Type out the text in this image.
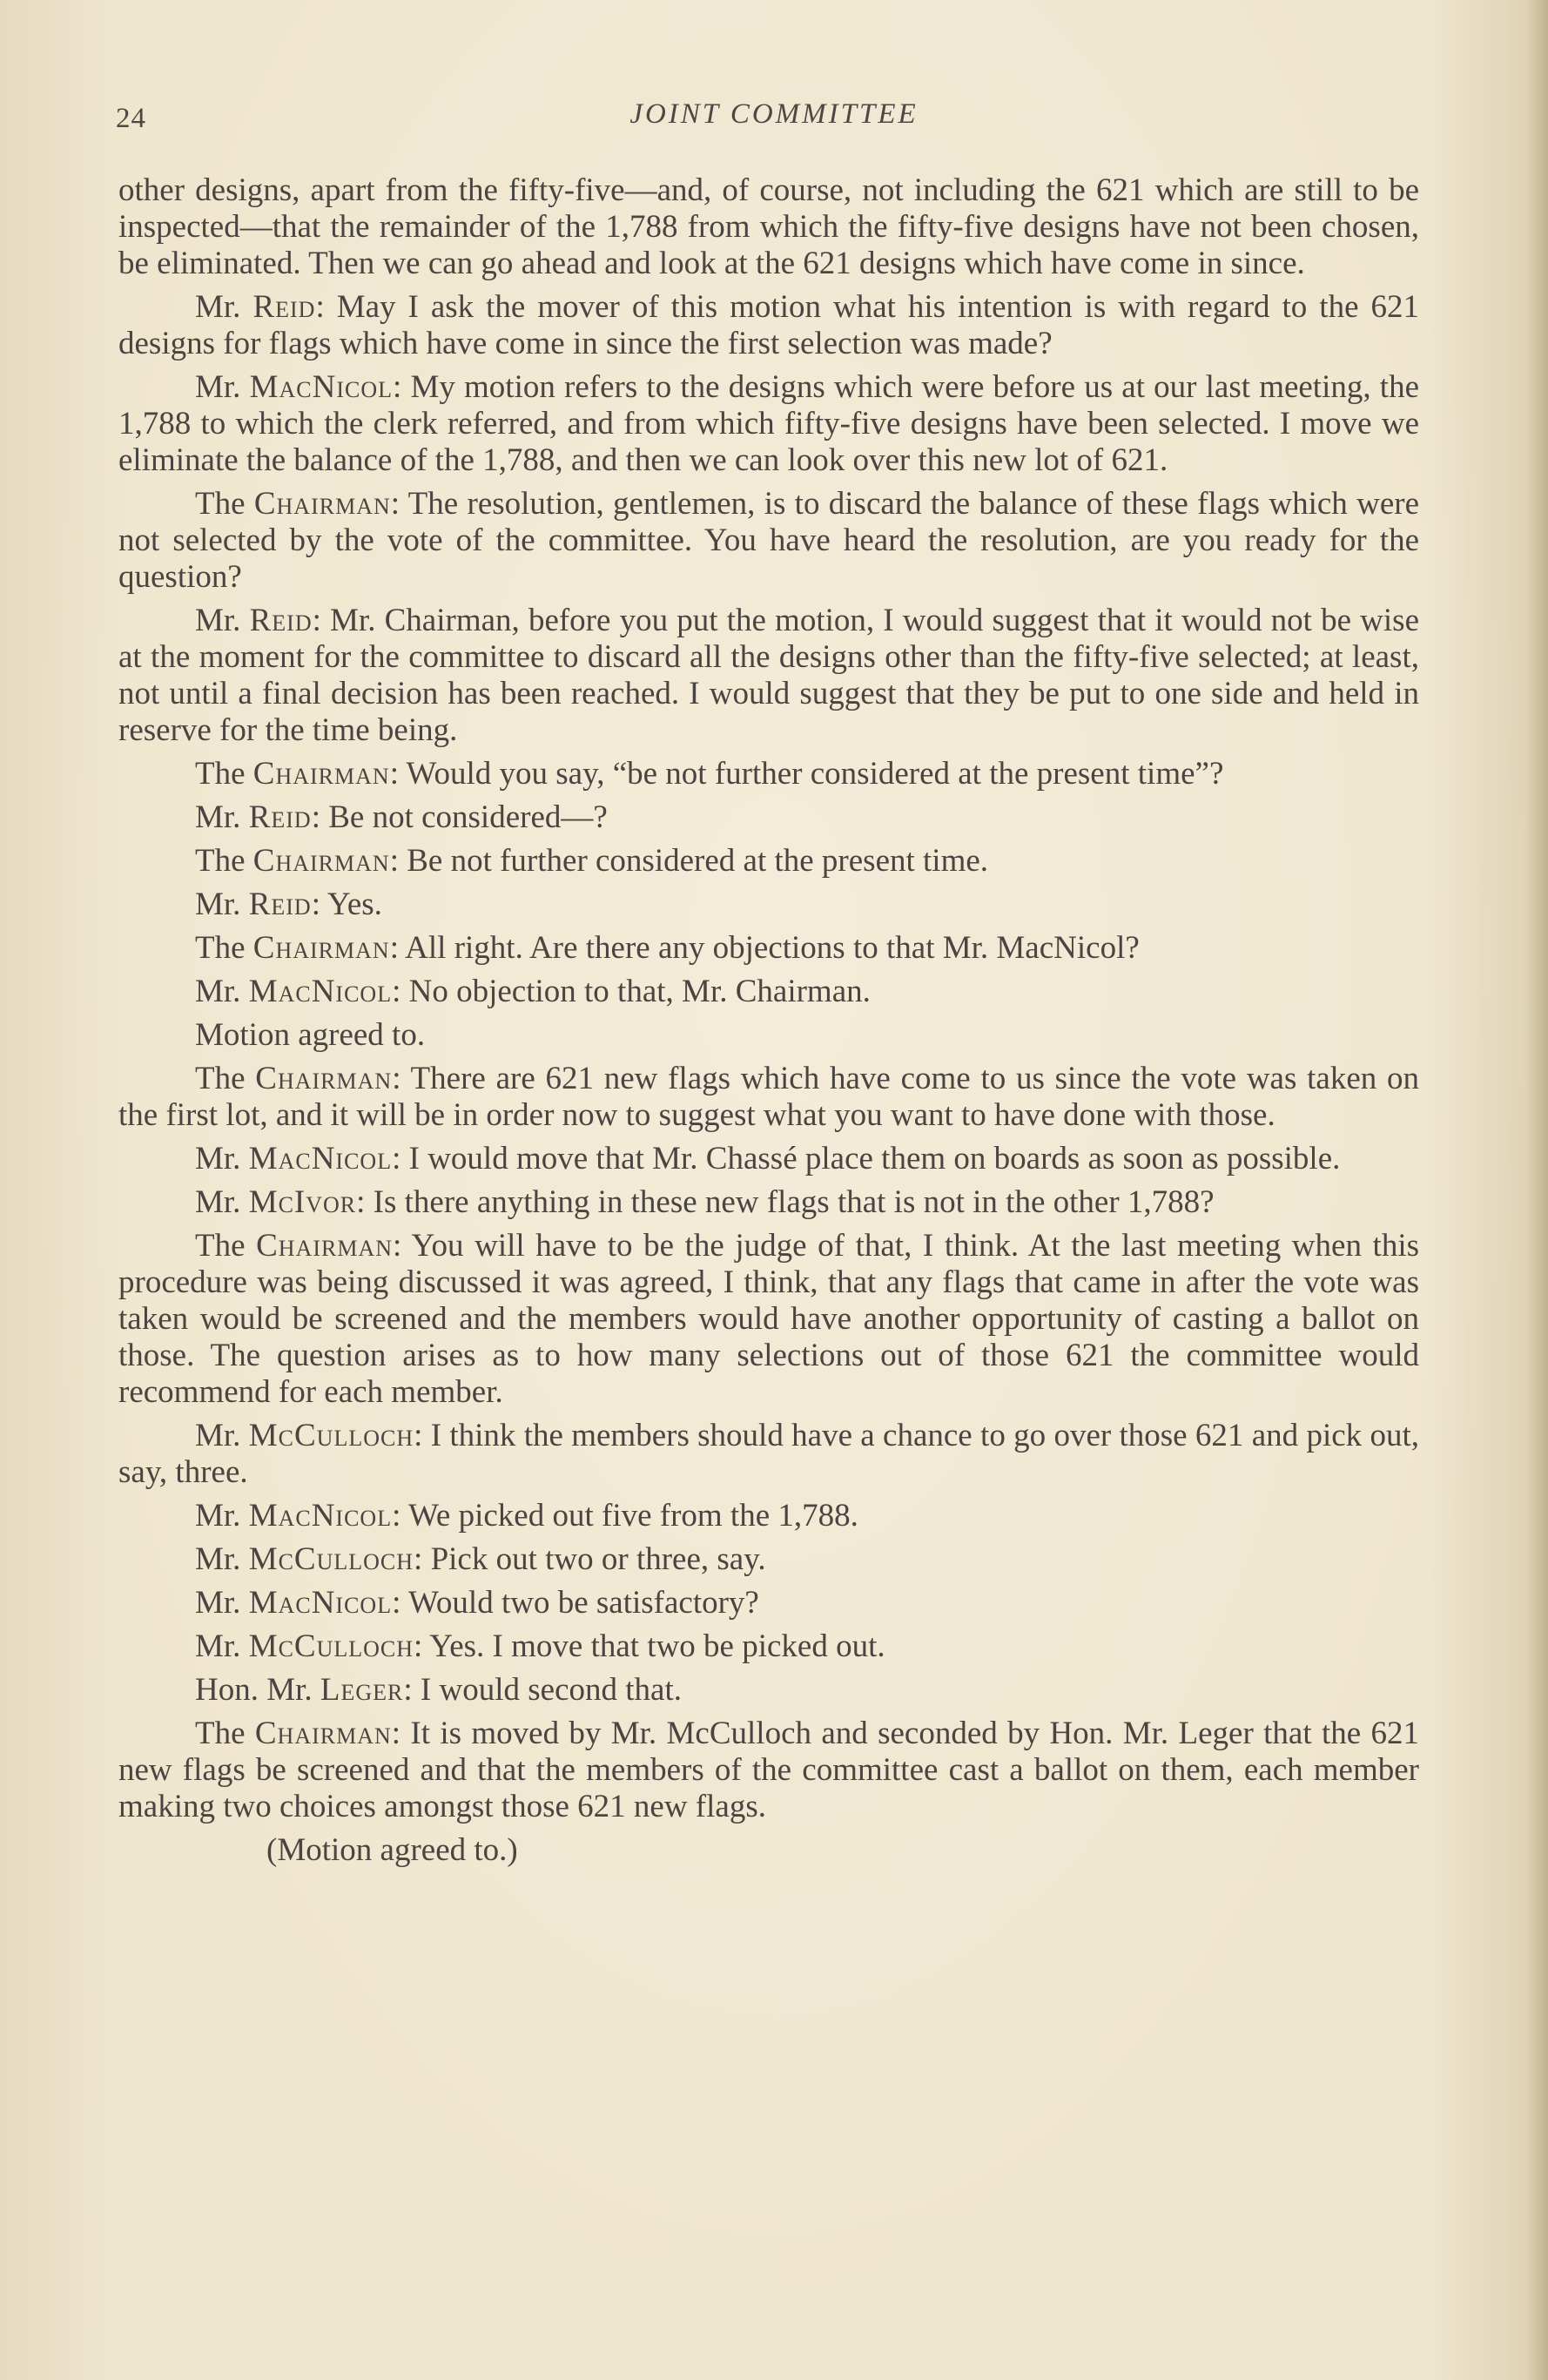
24	JOINT COMMITTEE

other designs, apart from the fifty-five—and, of course, not including the 621 which are still to be inspected—that the remainder of the 1,788 from which the fifty-five designs have not been chosen, be eliminated. Then we can go ahead and look at the 621 designs which have come in since.

Mr. Reid: May I ask the mover of this motion what his intention is with regard to the 621 designs for flags which have come in since the first selection was made?

Mr. MacNicol: My motion refers to the designs which were before us at our last meeting, the 1,788 to which the clerk referred, and from which fifty-five designs have been selected. I move we eliminate the balance of the 1,788, and then we can look over this new lot of 621.

The Chairman: The resolution, gentlemen, is to discard the balance of these flags which were not selected by the vote of the committee. You have heard the resolution, are you ready for the question?

Mr. Reid: Mr. Chairman, before you put the motion, I would suggest that it would not be wise at the moment for the committee to discard all the designs other than the fifty-five selected; at least, not until a final decision has been reached. I would suggest that they be put to one side and held in reserve for the time being.

The Chairman: Would you say, “be not further considered at the present time”?

Mr. Reid: Be not considered—?

The Chairman: Be not further considered at the present time.

Mr. Reid: Yes.

The Chairman: All right. Are there any objections to that Mr. MacNicol?

Mr. MacNicol: No objection to that, Mr. Chairman.

Motion agreed to.

The Chairman: There are 621 new flags which have come to us since the vote was taken on the first lot, and it will be in order now to suggest what you want to have done with those.

Mr. MacNicol: I would move that Mr. Chassé place them on boards as soon as possible.

Mr. McIvor: Is there anything in these new flags that is not in the other 1,788?

The Chairman: You will have to be the judge of that, I think. At the last meeting when this procedure was being discussed it was agreed, I think, that any flags that came in after the vote was taken would be screened and the members would have another opportunity of casting a ballot on those. The question arises as to how many selections out of those 621 the committee would recommend for each member.

Mr. McCulloch: I think the members should have a chance to go over those 621 and pick out, say, three.

Mr. MacNicol: We picked out five from the 1,788.

Mr. McCulloch: Pick out two or three, say.

Mr. MacNicol: Would two be satisfactory?

Mr. McCulloch: Yes. I move that two be picked out.

Hon. Mr. Leger: I would second that.

The Chairman: It is moved by Mr. McCulloch and seconded by Hon. Mr. Leger that the 621 new flags be screened and that the members of the committee cast a ballot on them, each member making two choices amongst those 621 new flags.

(Motion agreed to.)
